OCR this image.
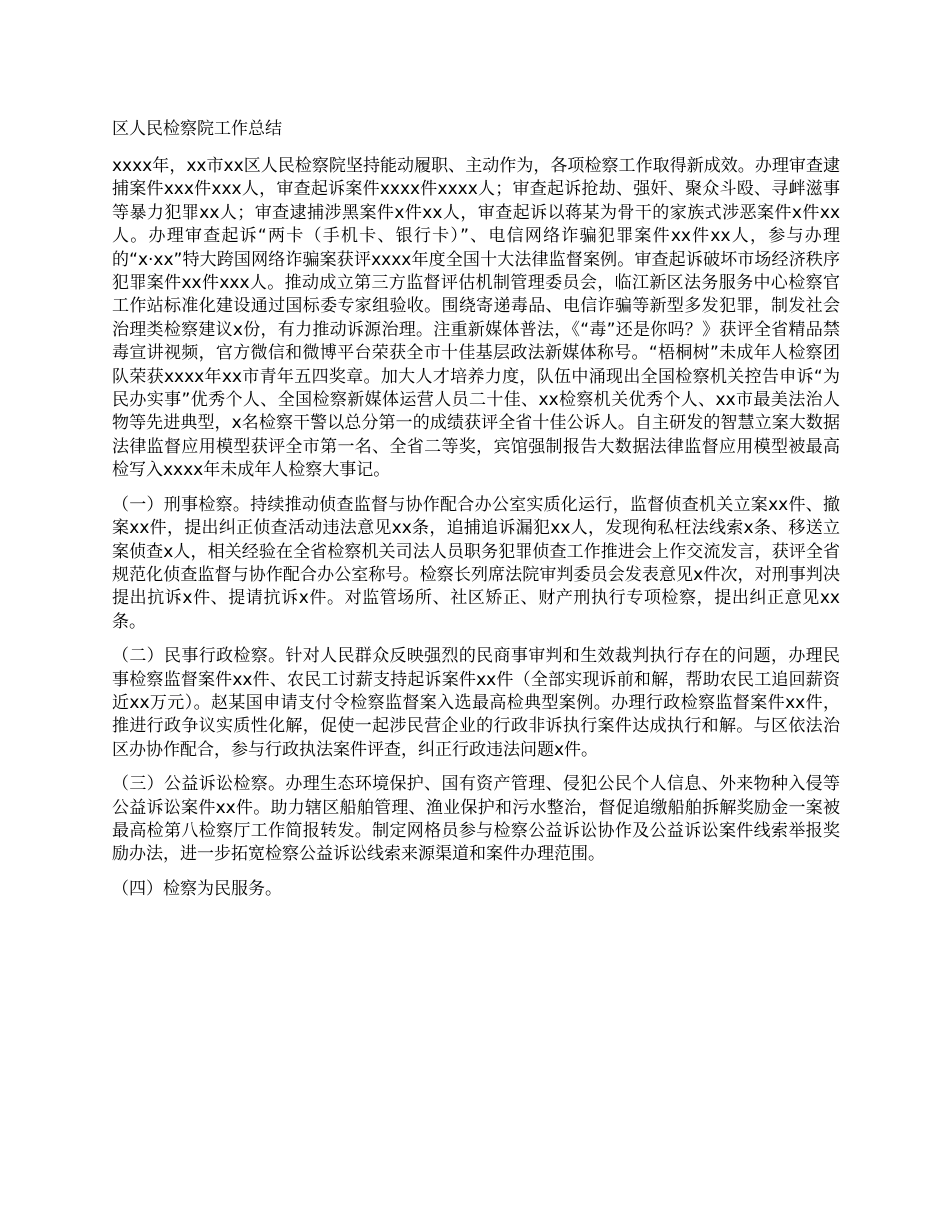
区人民检察院工作总结

xxxx年，xx市xx区人民检察院坚持能动履职、主动作为，各项检察工作取得新成效。办理审查逮捕案件xxx件xxx人，审查起诉案件xxxx件xxxx人；审查起诉抢劫、强奸、聚众斗殴、寻衅滋事等暴力犯罪xx人；审查逮捕涉黑案件x件xx人，审查起诉以蒋某为骨干的家族式涉恶案件x件xx人。办理审查起诉“两卡（手机卡、银行卡）”、电信网络诈骗犯罪案件xx件xx人，参与办理的“x·xx”特大跨国网络诈骗案获评xxxx年度全国十大法律监督案例。审查起诉破坏市场经济秩序犯罪案件xx件xxx人。推动成立第三方监督评估机制管理委员会，临江新区法务服务中心检察官工作站标准化建设通过国标委专家组验收。围绕寄递毒品、电信诈骗等新型多发犯罪，制发社会治理类检察建议x份，有力推动诉源治理。注重新媒体普法，《“毒”还是你吗？》获评全省精品禁毒宣讲视频，官方微信和微博平台荣获全市十佳基层政法新媒体称号。“梧桐树”未成年人检察团队荣获xxxx年xx市青年五四奖章。加大人才培养力度，队伍中涌现出全国检察机关控告申诉“为民办实事”优秀个人、全国检察新媒体运营人员二十佳、xx检察机关优秀个人、xx市最美法治人物等先进典型，x名检察干警以总分第一的成绩获评全省十佳公诉人。自主研发的智慧立案大数据法律监督应用模型获评全市第一名、全省二等奖，宾馆强制报告大数据法律监督应用模型被最高检写入xxxx年未成年人检察大事记。

（一）刑事检察。持续推动侦查监督与协作配合办公室实质化运行，监督侦查机关立案xx件、撤案xx件，提出纠正侦查活动违法意见xx条，追捕追诉漏犯xx人，发现徇私枉法线索x条、移送立案侦查x人，相关经验在全省检察机关司法人员职务犯罪侦查工作推进会上作交流发言，获评全省规范化侦查监督与协作配合办公室称号。检察长列席法院审判委员会发表意见x件次，对刑事判决提出抗诉x件、提请抗诉x件。对监管场所、社区矫正、财产刑执行专项检察，提出纠正意见xx条。

（二）民事行政检察。针对人民群众反映强烈的民商事审判和生效裁判执行存在的问题，办理民事检察监督案件xx件、农民工讨薪支持起诉案件xx件（全部实现诉前和解，帮助农民工追回薪资近xx万元）。赵某国申请支付令检察监督案入选最高检典型案例。办理行政检察监督案件xx件，推进行政争议实质性化解，促使一起涉民营企业的行政非诉执行案件达成执行和解。与区依法治区办协作配合，参与行政执法案件评查，纠正行政违法问题x件。

（三）公益诉讼检察。办理生态环境保护、国有资产管理、侵犯公民个人信息、外来物种入侵等公益诉讼案件xx件。助力辖区船舶管理、渔业保护和污水整治，督促追缴船舶拆解奖励金一案被最高检第八检察厅工作简报转发。制定网格员参与检察公益诉讼协作及公益诉讼案件线索举报奖励办法，进一步拓宽检察公益诉讼线索来源渠道和案件办理范围。

（四）检察为民服务。
